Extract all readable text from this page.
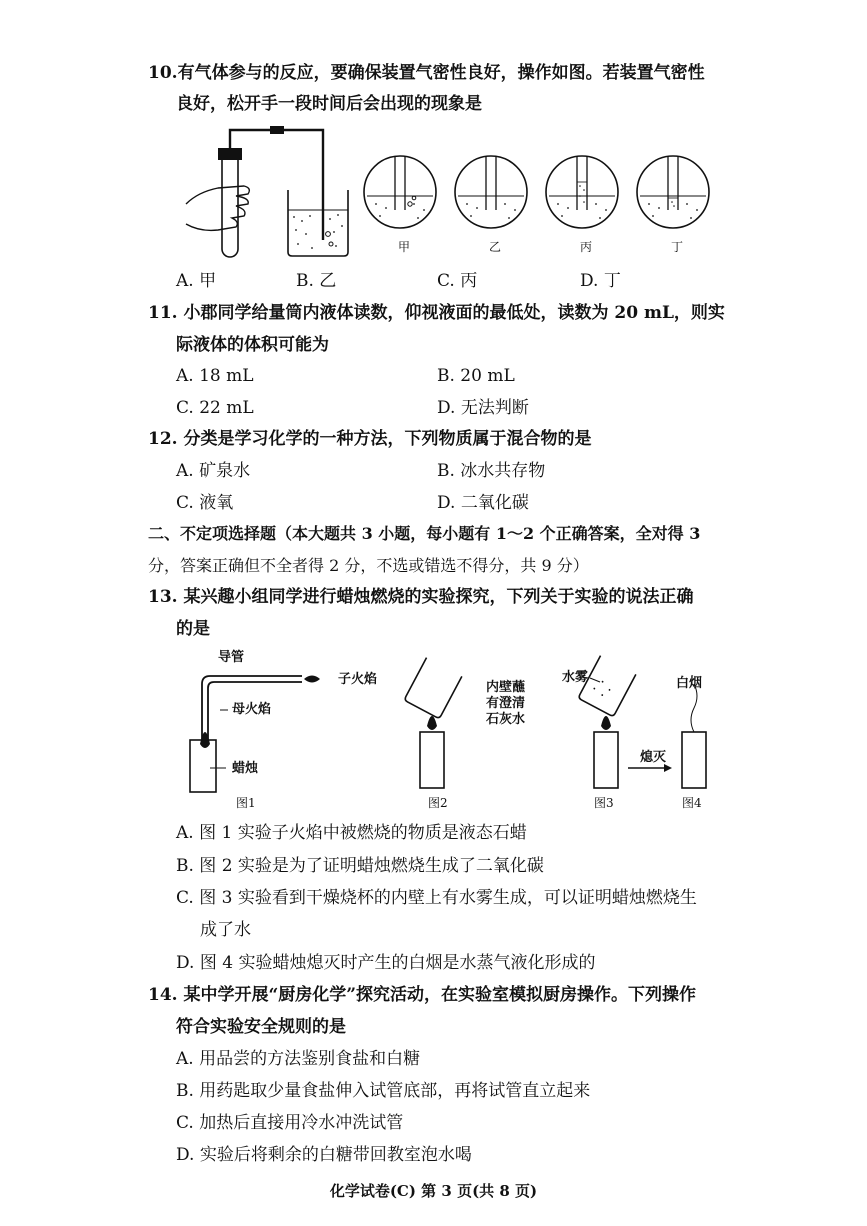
10.有气体参与的反应，要确保装置气密性良好，操作如图。若装置气密性
良好，松开手一段时间后会出现的现象是
甲	乙	丙	丁
A. 甲	B. 乙	C. 丙	D. 丁
11. 小郡同学给量筒内液体读数，仰视液面的最低处，读数为 20 mL，则实
际液体的体积可能为
A. 18 mL	B. 20 mL
C. 22 mL	D. 无法判断
12. 分类是学习化学的一种方法，下列物质属于混合物的是
A. 矿泉水	B. 冰水共存物
C. 液氧	D. 二氧化碳
二、不定项选择题（本大题共 3 小题，每小题有 1～2 个正确答案，全对得 3
分，答案正确但不全者得 2 分，不选或错选不得分，共 9 分）
13. 某兴趣小组同学进行蜡烛燃烧的实验探究，下列关于实验的说法正确
的是
导管
子火焰
母火焰
蜡烛
内壁蘸
有澄清
石灰水
水雾	白烟
熄灭
图1	图2	图3	图4
A. 图 1 实验子火焰中被燃烧的物质是液态石蜡
B. 图 2 实验是为了证明蜡烛燃烧生成了二氧化碳
C. 图 3 实验看到干燥烧杯的内壁上有水雾生成，可以证明蜡烛燃烧生
成了水
D. 图 4 实验蜡烛熄灭时产生的白烟是水蒸气液化形成的
14. 某中学开展“厨房化学”探究活动，在实验室模拟厨房操作。下列操作
符合实验安全规则的是
A. 用品尝的方法鉴别食盐和白糖
B. 用药匙取少量食盐伸入试管底部，再将试管直立起来
C. 加热后直接用冷水冲洗试管
D. 实验后将剩余的白糖带回教室泡水喝
化学试卷(C) 第 3 页(共 8 页)
